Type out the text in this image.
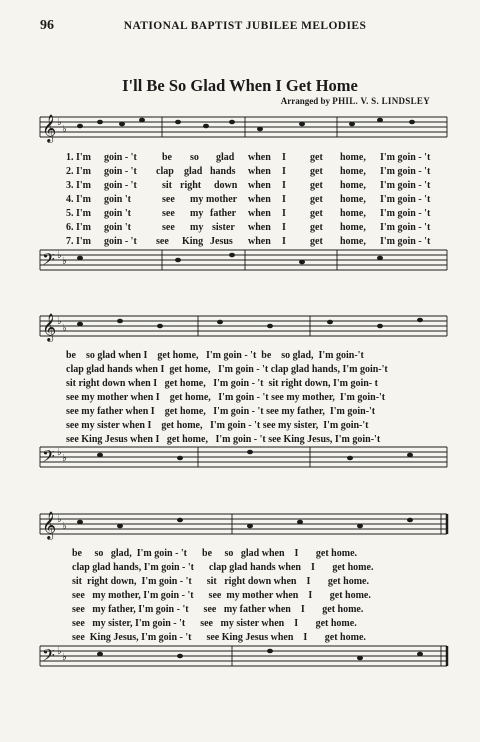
96	NATIONAL BAPTIST JUBILEE MELODIES
I'll Be So Glad When I Get Home
Arranged by PHIL. V. S. LINDSLEY
𝄞
𝄢
𝄞
𝄢
𝄞
𝄢
♭
♭
♭
♭
♭
♭
♭
♭
♭
♭
♭
♭
1. I'm goin - 't	be so glad when I get home, I'm goin - 't
2. I'm goin - 't clap glad hands when I get home, I'm goin - 't
3. I'm goin - 't	sit right down when I get home, I'm goin - 't
4. I'm goin 't	see my mother when I get home, I'm goin - 't
5. I'm goin 't	see my father when I get home, I'm goin - 't
6. I'm goin 't	see my sister when I get home, I'm goin - 't
7. I'm goin - 't see King Jesus when I get home, I'm goin - 't
be    so glad when I    get home,   I'm goin - 't  be    so glad,  I'm goin-'t
clap glad hands when I  get home,   I'm goin - 't clap glad hands, I'm goin-'t
sit right down when I   get home,   I'm goin - 't  sit right down, I'm goin- t
see my mother when I    get home,   I'm goin - 't see my mother,  I'm goin-'t
see my father when I    get home,   I'm goin - 't see my father,  I'm goin-'t
see my sister when I    get home,   I'm goin - 't see my sister,  I'm goin-'t
see King Jesus when I   get home,   I'm goin - 't see King Jesus, I'm goin-'t
be     so   glad,  I'm goin - 't      be     so   glad when    I       get home.
clap glad hands, I'm goin - 't      clap glad hands when    I       get home.
sit  right down,  I'm goin - 't      sit   right down when    I       get home.
see   my mother, I'm goin - 't      see  my mother when    I       get home.
see   my father, I'm goin - 't      see   my father when    I       get home.
see   my sister, I'm goin - 't      see   my sister when    I       get home.
see  King Jesus, I'm goin - 't      see King Jesus when    I       get home.
